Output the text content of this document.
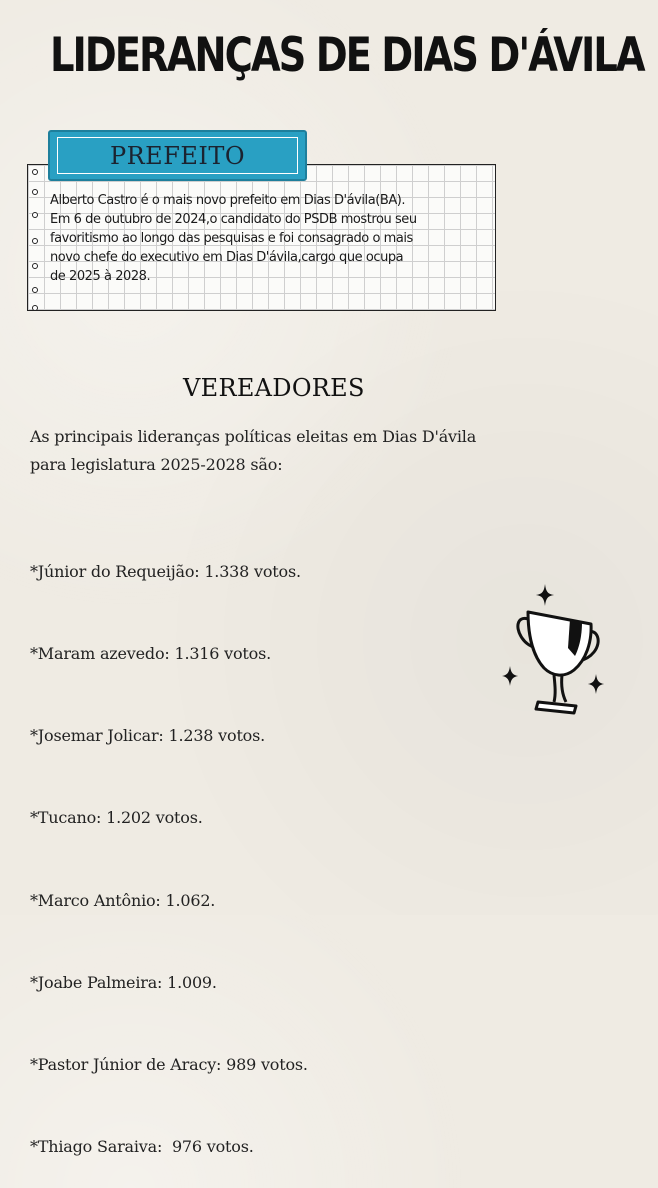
LIDERANÇAS DE DIAS D'ÁVILA

Alberto Castro é o mais novo prefeito em Dias D'ávila(BA).
Em 6 de outubro de 2024,o candidato do PSDB mostrou seu
favoritismo ao longo das pesquisas e foi consagrado o mais
novo chefe do executivo em Dias D'ávila,cargo que ocupa
de 2025 à 2028.

PREFEITO
VEREADORES

As principais lideranças políticas eleitas em Dias D'ávila
para legislatura 2025-2028 são:

*Júnior do Requeijão: 1.338 votos.

*Maram azevedo: 1.316 votos.

*Josemar Jolicar: 1.238 votos.

*Tucano: 1.202 votos.

*Marco Antônio: 1.062.

*Joabe Palmeira: 1.009.

*Pastor Júnior de Aracy: 989 votos.

*Thiago Saraiva:  976 votos.
